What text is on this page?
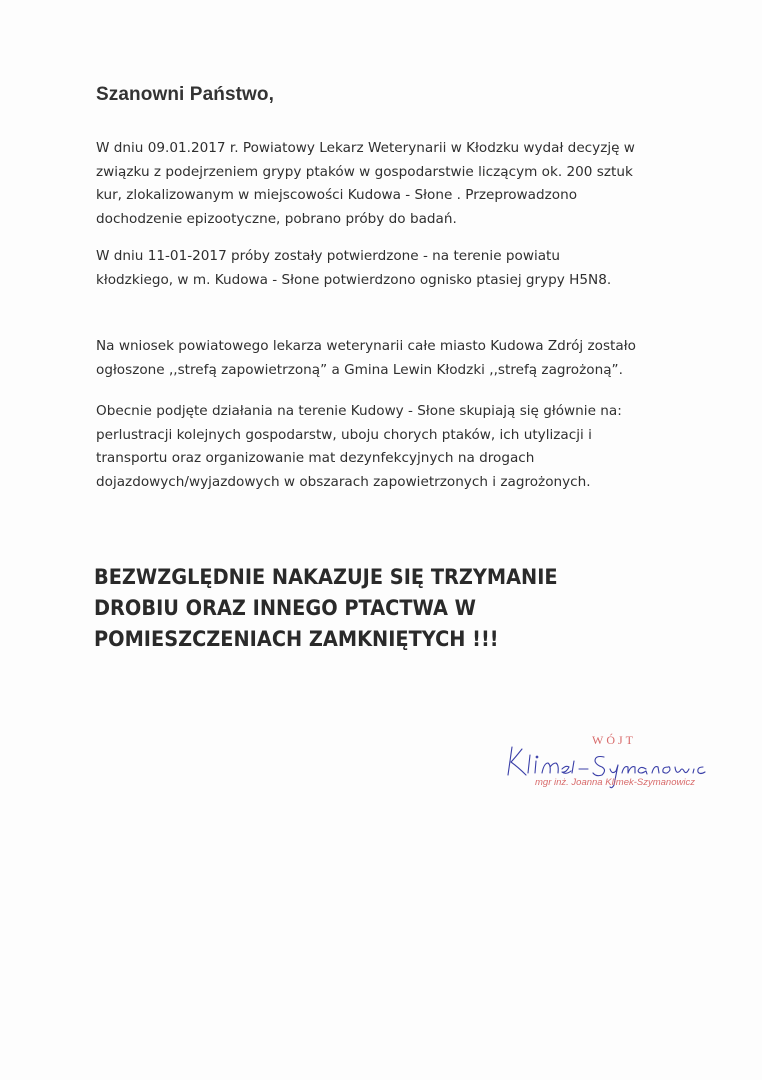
Szanowni Państwo,
W dniu 09.01.2017 r. Powiatowy Lekarz Weterynarii w Kłodzku wydał decyzję w
związku z podejrzeniem grypy ptaków w gospodarstwie liczącym ok. 200 sztuk
kur, zlokalizowanym w miejscowości Kudowa - Słone . Przeprowadzono
dochodzenie epizootyczne, pobrano próby do badań.
W dniu 11-01-2017 próby zostały potwierdzone - na terenie powiatu
kłodzkiego, w m. Kudowa - Słone potwierdzono ognisko ptasiej grypy H5N8.
Na wniosek powiatowego lekarza weterynarii całe miasto Kudowa Zdrój zostało
ogłoszone ,,strefą zapowietrzoną” a Gmina Lewin Kłodzki ,,strefą zagrożoną”.
Obecnie podjęte działania na terenie Kudowy - Słone skupiają się głównie na:
perlustracji kolejnych gospodarstw, uboju chorych ptaków, ich utylizacji i
transportu oraz organizowanie mat dezynfekcyjnych na drogach
dojazdowych/wyjazdowych w obszarach zapowietrzonych i zagrożonych.
BEZWZGLĘDNIE NAKAZUJE SIĘ TRZYMANIE
DROBIU ORAZ INNEGO PTACTWA W
POMIESZCZENIACH ZAMKNIĘTYCH !!!
WÓJT
mgr inż. Joanna Klimek-Szymanowicz
